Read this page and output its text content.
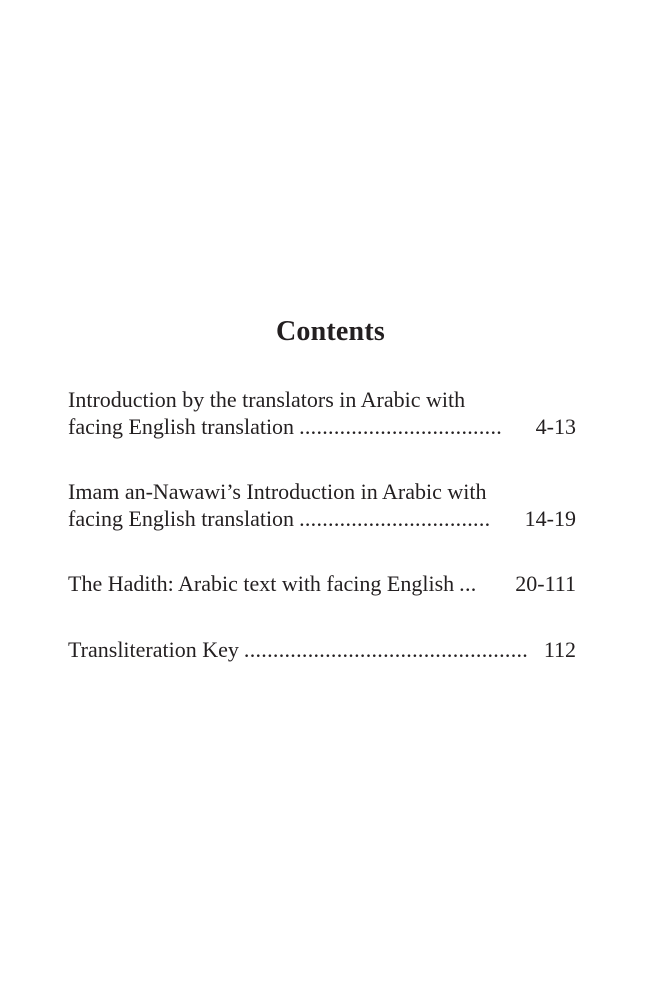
Contents
Introduction by the translators in Arabic with
facing English translation ...................................	4-13
Imam an-Nawawi’s Introduction in Arabic with
facing English translation .................................	14-19
The Hadith: Arabic text with facing English ...	20-111
Transliteration Key ................................................. 112
